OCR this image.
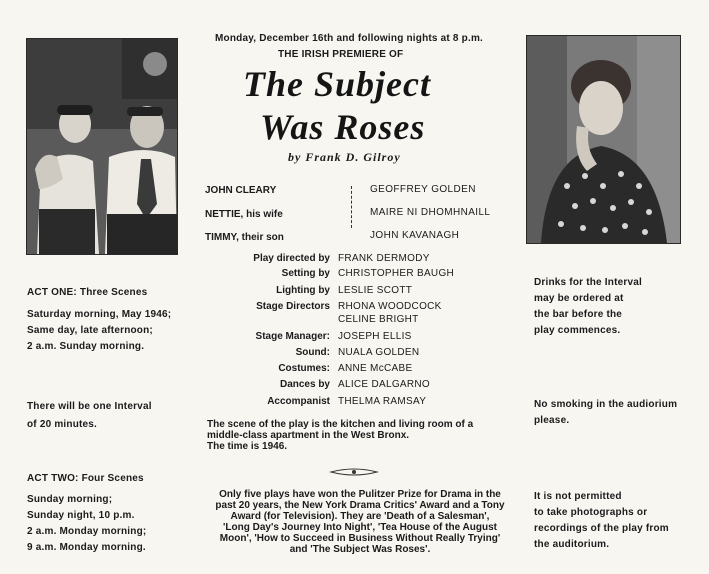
Monday, December 16th and following nights at 8 p.m.
THE IRISH PREMIERE OF
The Subject
Was Roses
by Frank D. Gilroy
JOHN CLEARY	GEOFFREY GOLDEN
NETTIE, his wife	MAIRE NI DHOMHNAILL
TIMMY, their son	JOHN KAVANAGH
Play directed by FRANK DERMODY
Setting by CHRISTOPHER BAUGH
Lighting by LESLIE SCOTT
Stage Directors RHONA WOODCOCK
CELINE BRIGHT
Stage Manager: JOSEPH ELLIS
Sound: NUALA GOLDEN
Costumes: ANNE McCABE
Dances by ALICE DALGARNO
Accompanist THELMA RAMSAY
The scene of the play is the kitchen and living room of a
middle-class apartment in the West Bronx.
The time is 1946.
Only five plays have won the Pulitzer Prize for Drama in the
past 20 years, the New York Drama Critics' Award and a Tony
Award (for Television). They are 'Death of a Salesman',
'Long Day's Journey Into Night', 'Tea House of the August
Moon', 'How to Succeed in Business Without Really Trying'
and 'The Subject Was Roses'.
ACT ONE: Three Scenes
Saturday morning, May 1946;
Same day, late afternoon;
2 a.m. Sunday morning.
There will be one Interval
of 20 minutes.
ACT TWO: Four Scenes
Sunday morning;
Sunday night, 10 p.m.
2 a.m. Monday morning;
9 a.m. Monday morning.
Drinks for the Interval
may be ordered at
the bar before the
play commences.
No smoking in the audiorium
please.
It is not permitted
to take photographs or
recordings of the play from
the auditorium.
